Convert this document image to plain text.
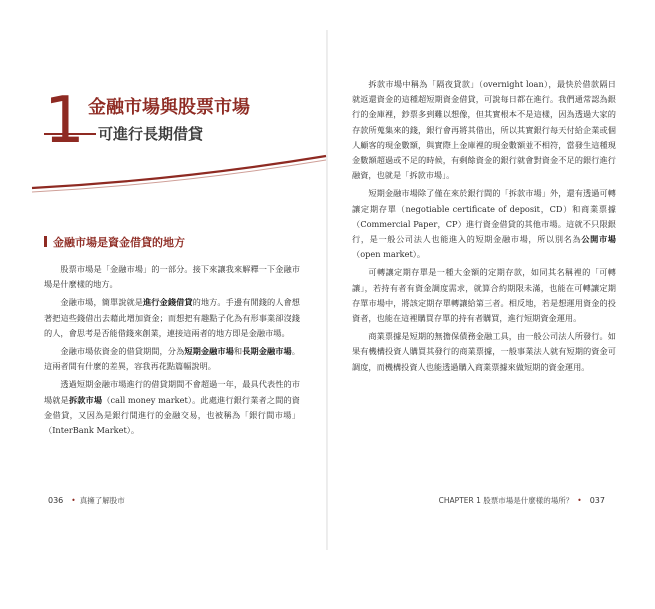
1 金融市場與股票市場
可進行長期借貸
金融市場是資金借貸的地方

股票市場是「金融市場」的一部分。接下來讓我來解釋一下金融市場是什麼樣的地方。

金融市場，簡單說就是進行金錢借貸的地方。手邊有閒錢的人會想著把這些錢借出去藉此增加資金；而想把有趣點子化為有形事業卻沒錢的人，會思考是否能借錢來創業，連接這兩者的地方即是金融市場。

金融市場依資金的借貸期間，分為短期金融市場和長期金融市場。這兩者間有什麼的差異，容我再花點篇幅說明。

透過短期金融市場進行的借貸期間不會超過一年，最具代表性的市場就是拆款市場（call money market）。此處進行銀行業者之間的資金借貸，又因為是銀行間進行的金融交易，也被稱為「銀行間市場」（InterBank Market）。

036 • 真擁了解股市

拆款市場中稱為「隔夜貸款」（overnight loan），最快於借款隔日就返還資金的這種超短期資金借貸，可說每日都在進行。我們通常認為銀行的金庫裡，鈔票多到難以想像，但其實根本不是這樣，因為透過大家的存款所蒐集來的錢，銀行會再將其借出，所以其實銀行每天付給企業或個人顧客的現金數額，與實際上金庫裡的現金數額並不相符，當發生這種現金數額超過或不足的時候，有剩餘資金的銀行就會對資金不足的銀行進行融資，也就是「拆款市場」。

短期金融市場除了僅在來於銀行間的「拆款市場」外，還有透過可轉讓定期存單（negotiable certificate of deposit，CD）和商業票據（Commercial Paper，CP）進行資金借貸的其他市場。這就不只限銀行，是一般公司法人也能進入的短期金融市場，所以別名為公開市場（open market）。

可轉讓定期存單是一種大金額的定期存款，如同其名稱裡的「可轉讓」，若持有者有資金調度需求，就算合約期限未滿，也能在可轉讓定期存單市場中，將該定期存單轉讓給第三者。相反地，若是想運用資金的投資者，也能在這裡購買存單的持有者購買，進行短期資金運用。

商業票據是短期的無擔保債務金融工具，由一般公司法人所發行。如果有機構投資人購買其發行的商業票據，一般事業法人就有短期的資金可調度，而機構投資人也能透過購入商業票據來做短期的資金運用。

CHAPTER 1 股票市場是什麼樣的場所？ • 037
